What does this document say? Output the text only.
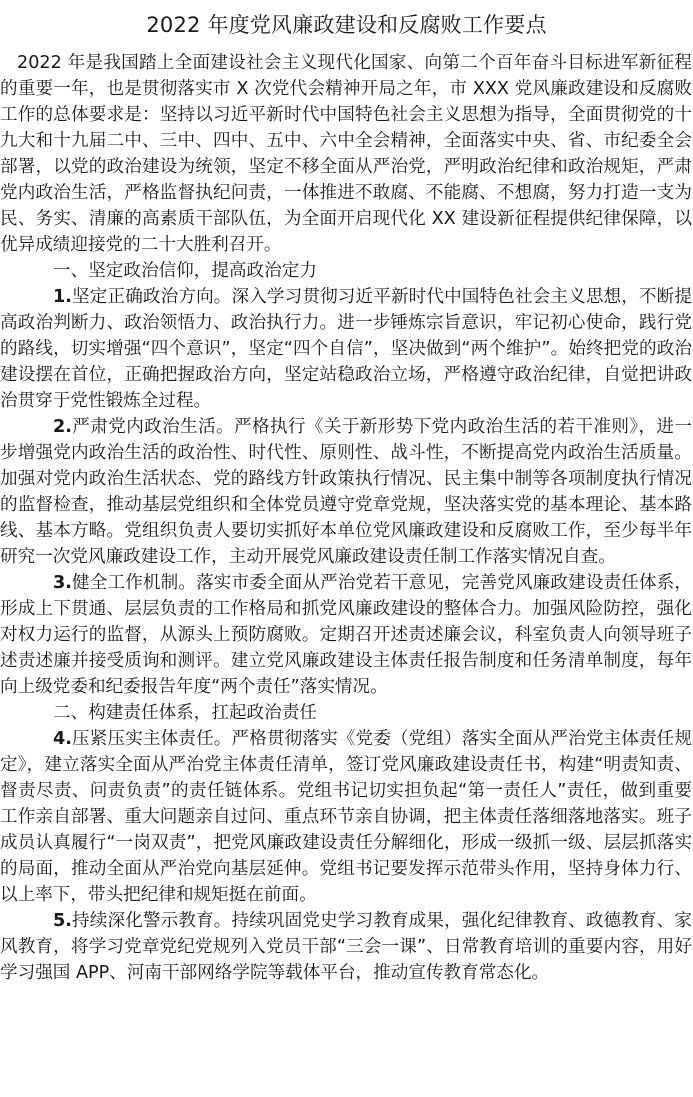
2022 年度党风廉政建设和反腐败工作要点

2022 年是我国踏上全面建设社会主义现代化国家、向第二个百年奋斗目标进军新征程的重要一年，也是贯彻落实市 X 次党代会精神开局之年，市 XXX 党风廉政建设和反腐败工作的总体要求是：坚持以习近平新时代中国特色社会主义思想为指导，全面贯彻党的十九大和十九届二中、三中、四中、五中、六中全会精神，全面落实中央、省、市纪委全会部署，以党的政治建设为统领，坚定不移全面从严治党，严明政治纪律和政治规矩，严肃党内政治生活，严格监督执纪问责，一体推进不敢腐、不能腐、不想腐，努力打造一支为民、务实、清廉的高素质干部队伍，为全面开启现代化 XX 建设新征程提供纪律保障，以优异成绩迎接党的二十大胜利召开。

一、坚定政治信仰，提高政治定力

1.坚定正确政治方向。深入学习贯彻习近平新时代中国特色社会主义思想，不断提高政治判断力、政治领悟力、政治执行力。进一步锤炼宗旨意识，牢记初心使命，践行党的路线，切实增强“四个意识”，坚定“四个自信”，坚决做到“两个维护”。始终把党的政治建设摆在首位，正确把握政治方向，坚定站稳政治立场，严格遵守政治纪律，自觉把讲政治贯穿于党性锻炼全过程。

2.严肃党内政治生活。严格执行《关于新形势下党内政治生活的若干准则》，进一步增强党内政治生活的政治性、时代性、原则性、战斗性，不断提高党内政治生活质量。加强对党内政治生活状态、党的路线方针政策执行情况、民主集中制等各项制度执行情况的监督检查，推动基层党组织和全体党员遵守党章党规，坚决落实党的基本理论、基本路线、基本方略。党组织负责人要切实抓好本单位党风廉政建设和反腐败工作，至少每半年研究一次党风廉政建设工作，主动开展党风廉政建设责任制工作落实情况自查。

3.健全工作机制。落实市委全面从严治党若干意见，完善党风廉政建设责任体系，形成上下贯通、层层负责的工作格局和抓党风廉政建设的整体合力。加强风险防控，强化对权力运行的监督，从源头上预防腐败。定期召开述责述廉会议，科室负责人向领导班子述责述廉并接受质询和测评。建立党风廉政建设主体责任报告制度和任务清单制度，每年向上级党委和纪委报告年度“两个责任”落实情况。

二、构建责任体系，扛起政治责任

4.压紧压实主体责任。严格贯彻落实《党委（党组）落实全面从严治党主体责任规定》，建立落实全面从严治党主体责任清单，签订党风廉政建设责任书，构建“明责知责、督责尽责、问责负责”的责任链体系。党组书记切实担负起“第一责任人”责任，做到重要工作亲自部署、重大问题亲自过问、重点环节亲自协调，把主体责任落细落地落实。班子成员认真履行“一岗双责”，把党风廉政建设责任分解细化，形成一级抓一级、层层抓落实的局面，推动全面从严治党向基层延伸。党组书记要发挥示范带头作用，坚持身体力行、以上率下，带头把纪律和规矩挺在前面。

5.持续深化警示教育。持续巩固党史学习教育成果，强化纪律教育、政德教育、家风教育，将学习党章党纪党规列入党员干部“三会一课”、日常教育培训的重要内容，用好学习强国 APP、河南干部网络学院等载体平台，推动宣传教育常态化。
